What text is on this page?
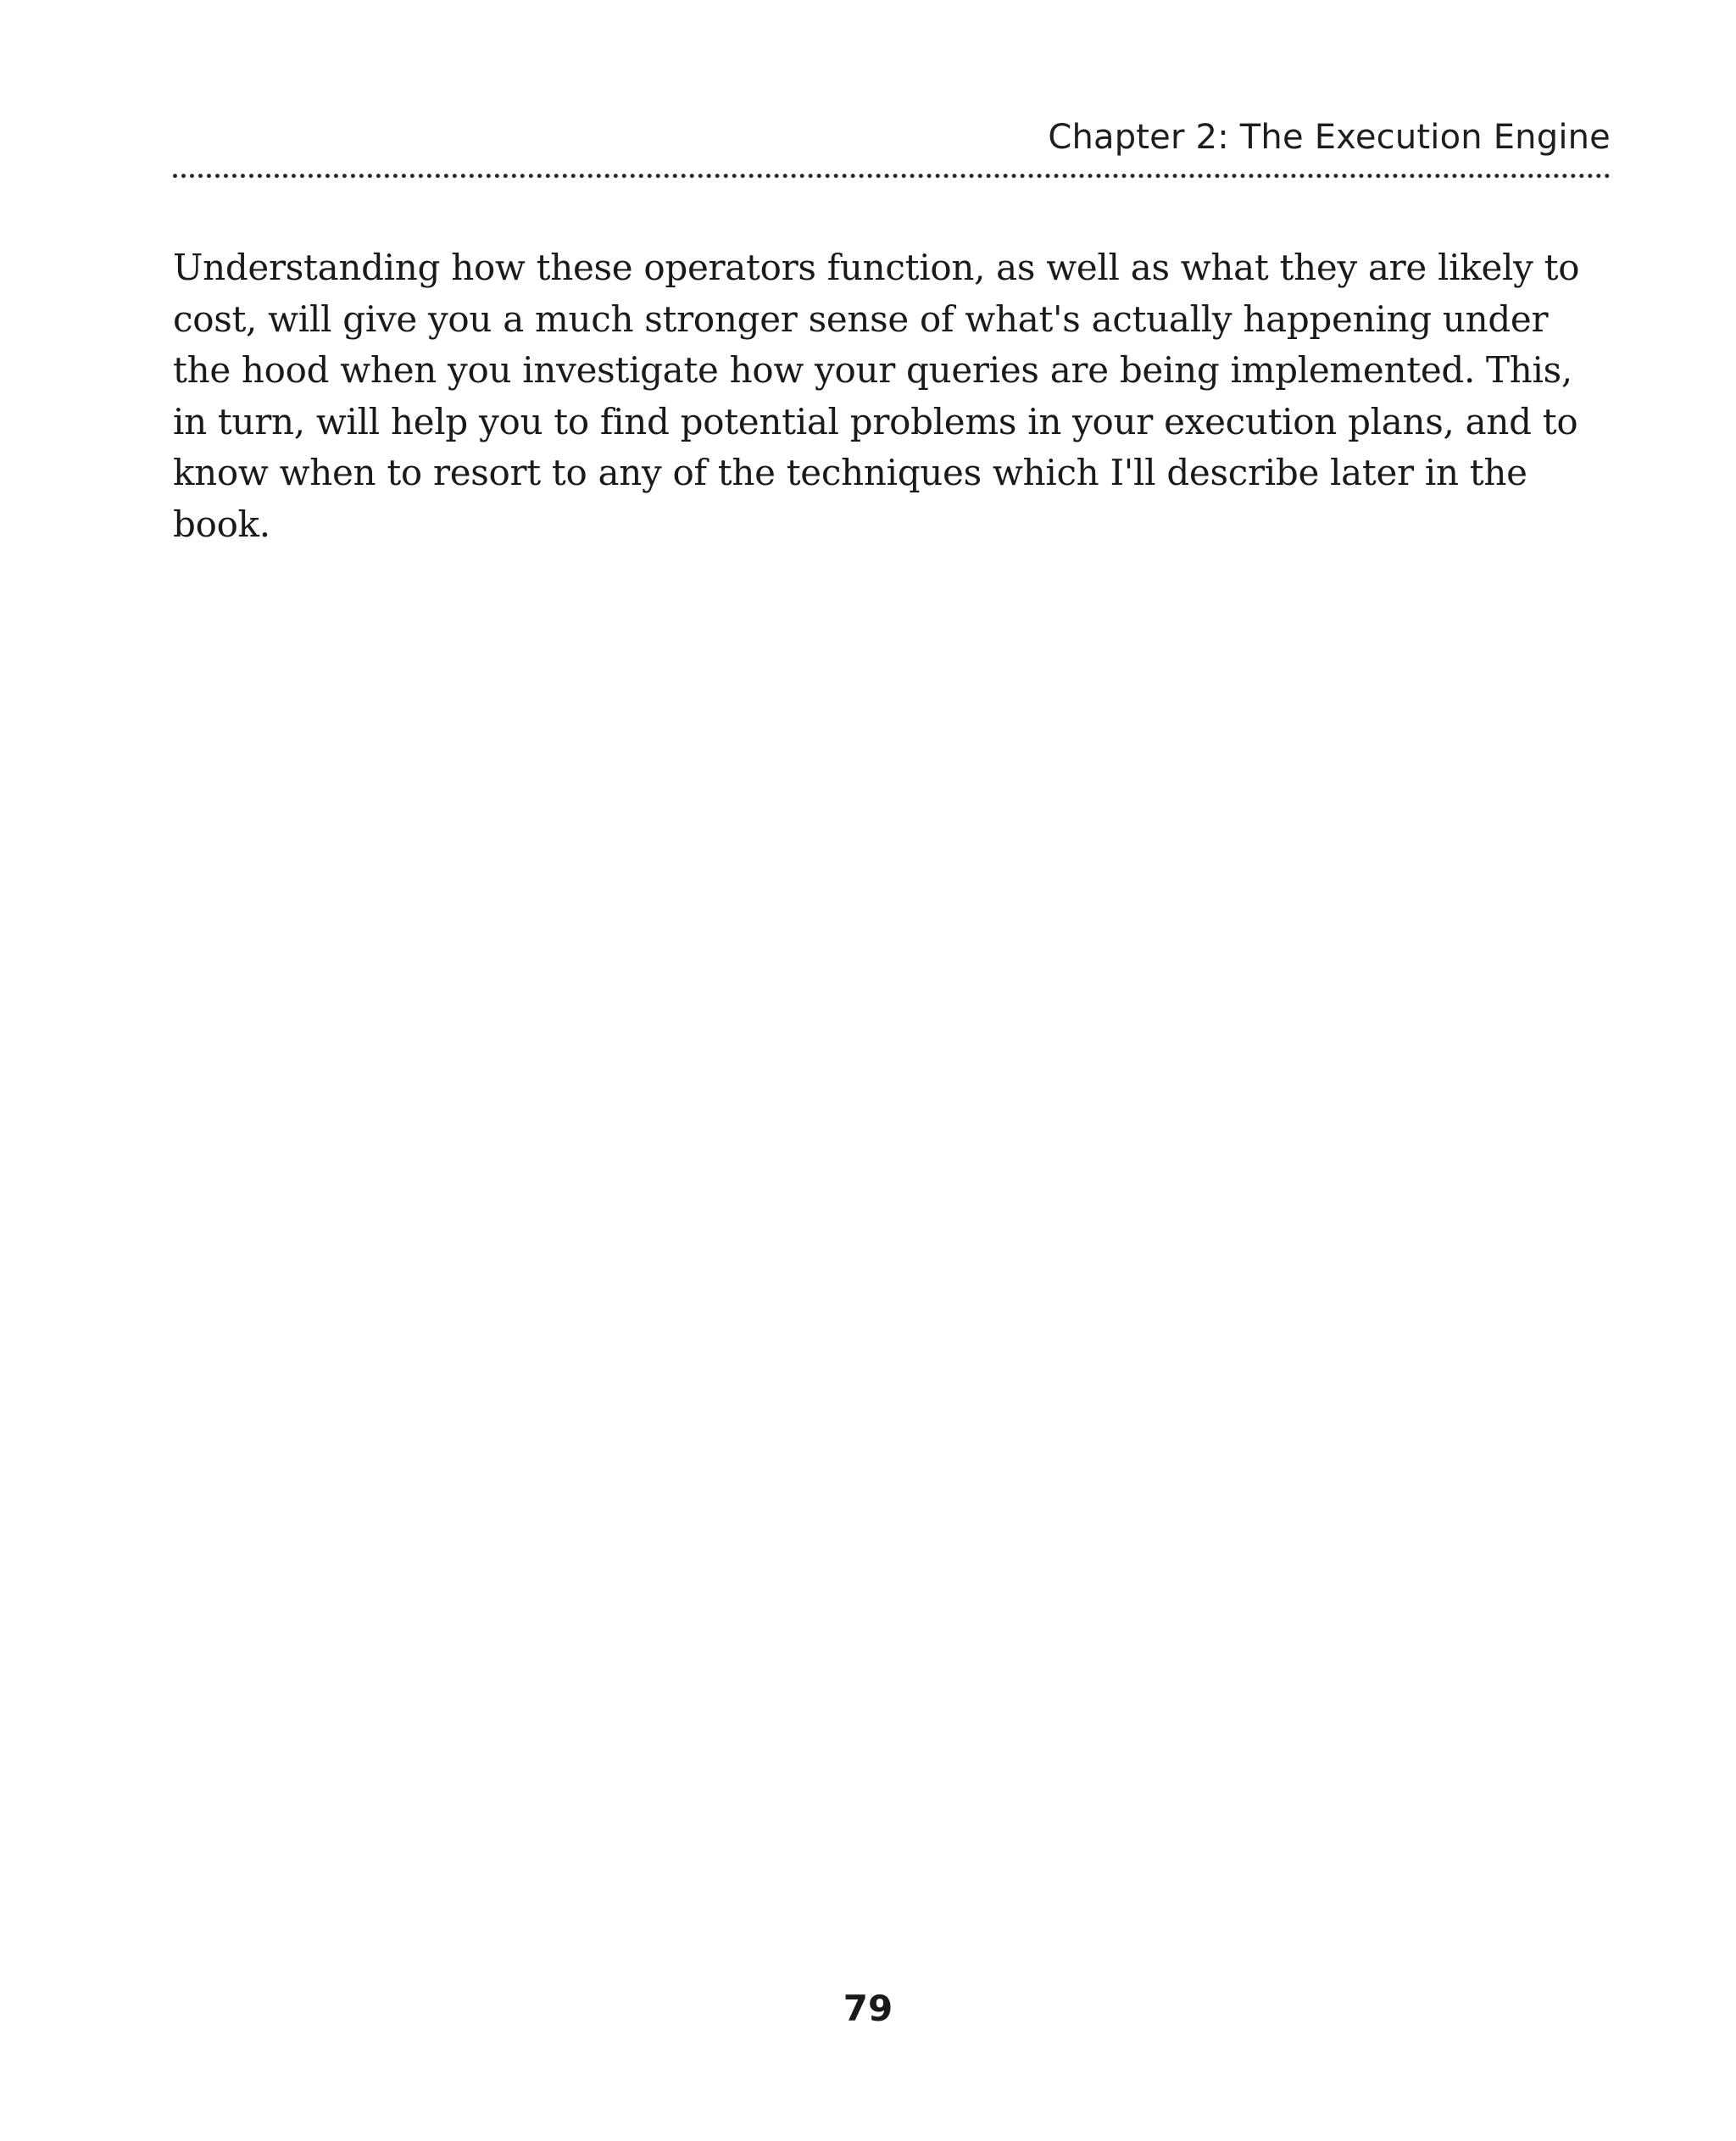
Chapter 2: The Execution Engine

Understanding how these operators function, as well as what they are likely to cost, will give you a much stronger sense of what's actually happening under the hood when you investigate how your queries are being implemented. This, in turn, will help you to find potential problems in your execution plans, and to know when to resort to any of the techniques which I'll describe later in the book.

79
